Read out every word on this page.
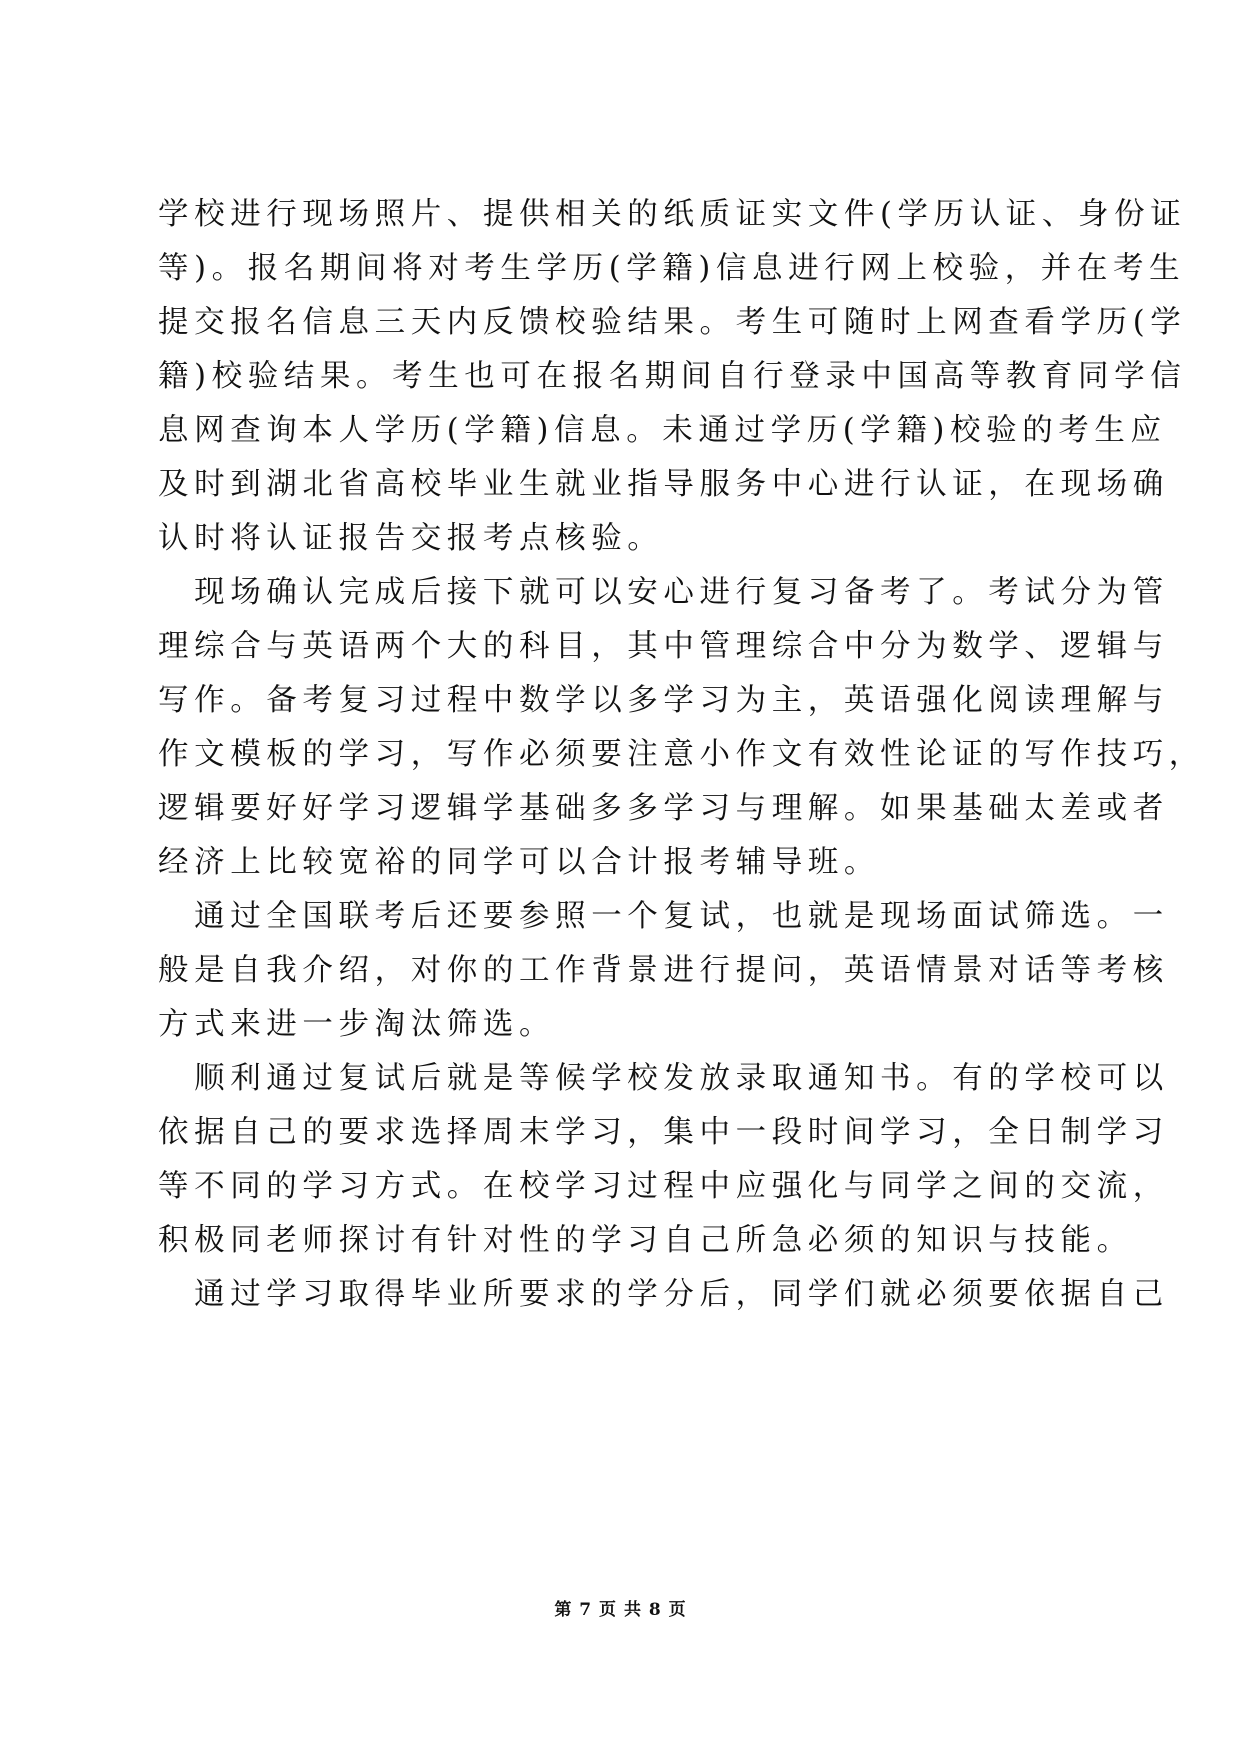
学校进行现场照片、提供相关的纸质证实文件(学历认证、身份证
等)。报名期间将对考生学历(学籍)信息进行网上校验，并在考生
提交报名信息三天内反馈校验结果。考生可随时上网查看学历(学
籍)校验结果。考生也可在报名期间自行登录中国高等教育同学信
息网查询本人学历(学籍)信息。未通过学历(学籍)校验的考生应
及时到湖北省高校毕业生就业指导服务中心进行认证，在现场确
认时将认证报告交报考点核验。
　现场确认完成后接下就可以安心进行复习备考了。考试分为管
理综合与英语两个大的科目，其中管理综合中分为数学、逻辑与
写作。备考复习过程中数学以多学习为主，英语强化阅读理解与
作文模板的学习，写作必须要注意小作文有效性论证的写作技巧，
逻辑要好好学习逻辑学基础多多学习与理解。如果基础太差或者
经济上比较宽裕的同学可以合计报考辅导班。
　通过全国联考后还要参照一个复试，也就是现场面试筛选。一
般是自我介绍，对你的工作背景进行提问，英语情景对话等考核
方式来进一步淘汰筛选。
　顺利通过复试后就是等候学校发放录取通知书。有的学校可以
依据自己的要求选择周末学习，集中一段时间学习，全日制学习
等不同的学习方式。在校学习过程中应强化与同学之间的交流，
积极同老师探讨有针对性的学习自己所急必须的知识与技能。
　通过学习取得毕业所要求的学分后，同学们就必须要依据自己
第 7 页 共 8 页
